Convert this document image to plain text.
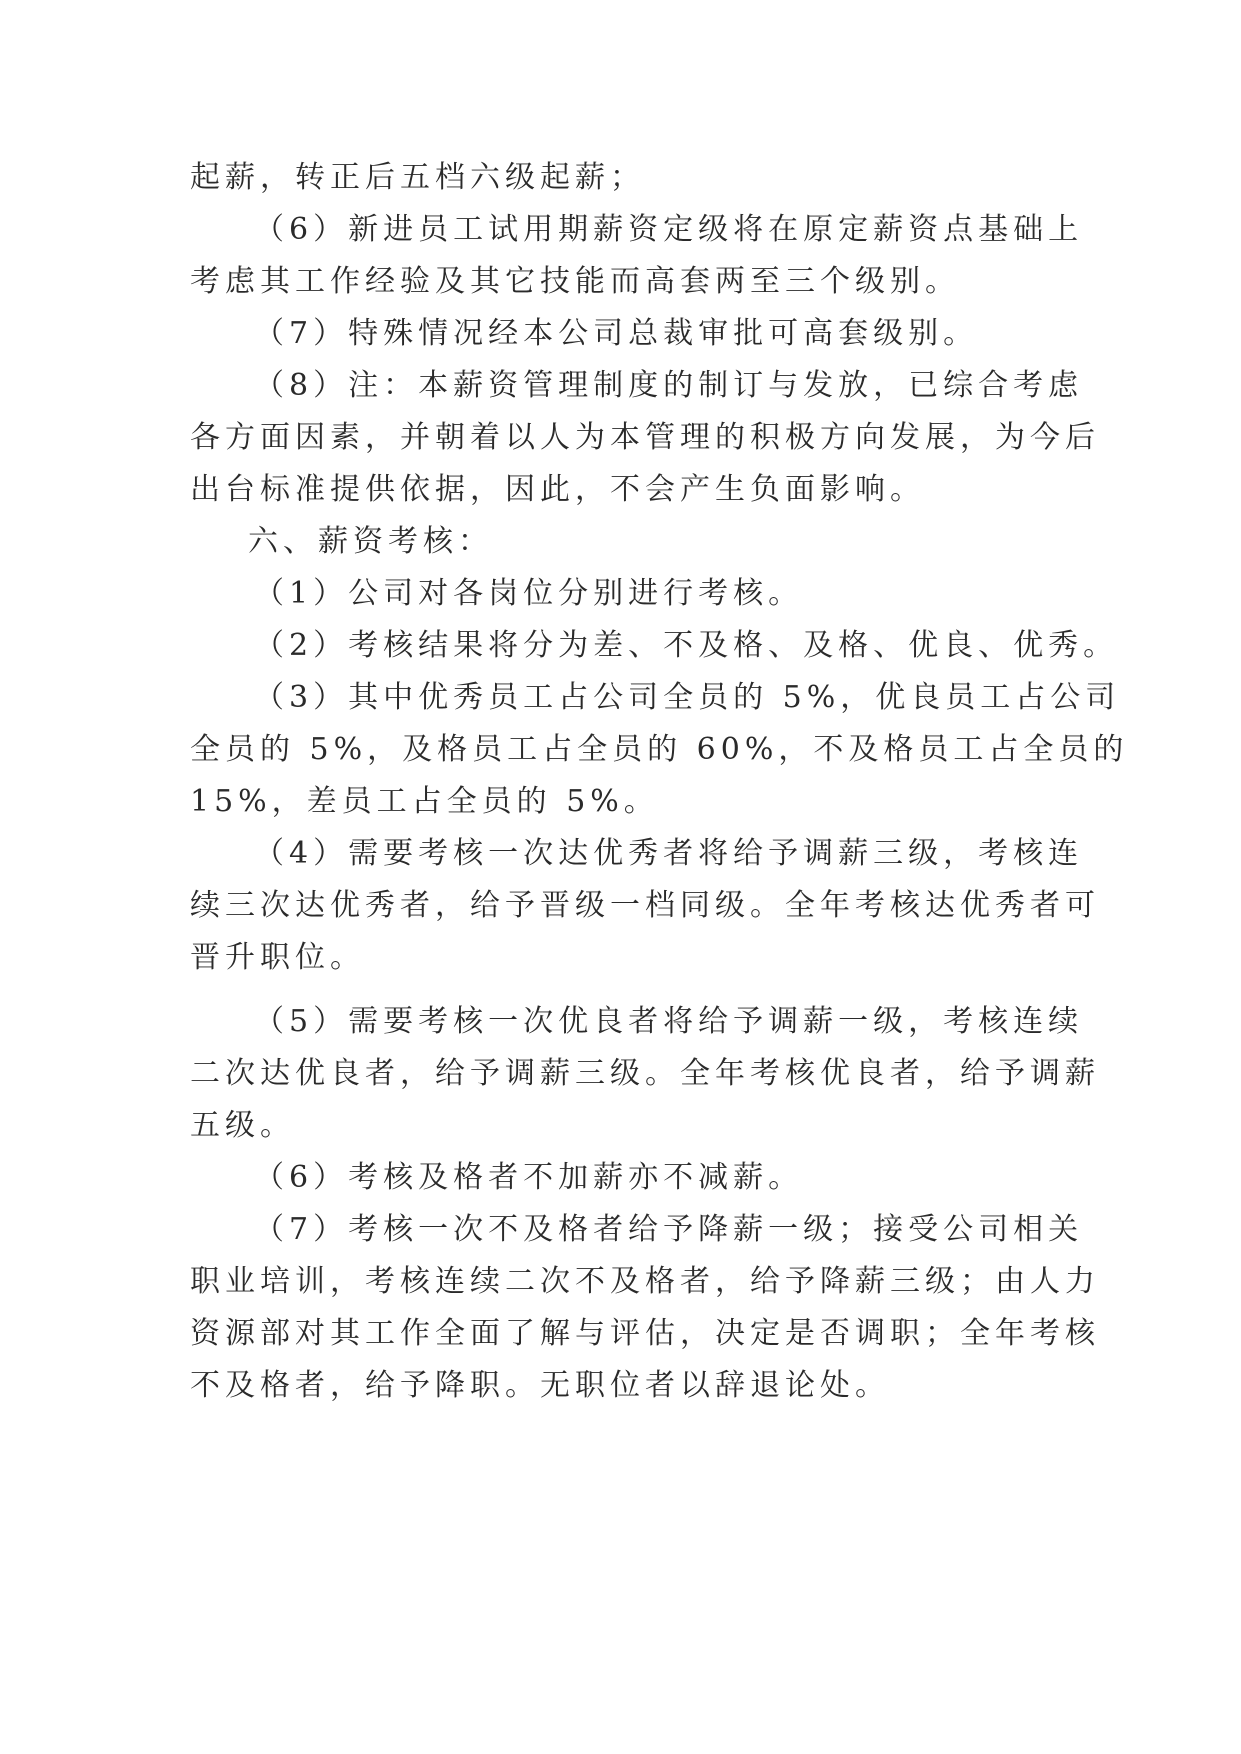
起薪，转正后五档六级起薪；
（6）新进员工试用期薪资定级将在原定薪资点基础上
考虑其工作经验及其它技能而高套两至三个级别。
（7）特殊情况经本公司总裁审批可高套级别。
（8）注：本薪资管理制度的制订与发放，已综合考虑
各方面因素，并朝着以人为本管理的积极方向发展，为今后
出台标准提供依据，因此，不会产生负面影响。
六、薪资考核：
（1）公司对各岗位分别进行考核。
（2）考核结果将分为差、不及格、及格、优良、优秀。
（3）其中优秀员工占公司全员的 5%，优良员工占公司
全员的 5%，及格员工占全员的 60%，不及格员工占全员的
15%，差员工占全员的 5%。
（4）需要考核一次达优秀者将给予调薪三级，考核连
续三次达优秀者，给予晋级一档同级。全年考核达优秀者可
晋升职位。
（5）需要考核一次优良者将给予调薪一级，考核连续
二次达优良者，给予调薪三级。全年考核优良者，给予调薪
五级。
（6）考核及格者不加薪亦不减薪。
（7）考核一次不及格者给予降薪一级；接受公司相关
职业培训，考核连续二次不及格者，给予降薪三级；由人力
资源部对其工作全面了解与评估，决定是否调职；全年考核
不及格者，给予降职。无职位者以辞退论处。
